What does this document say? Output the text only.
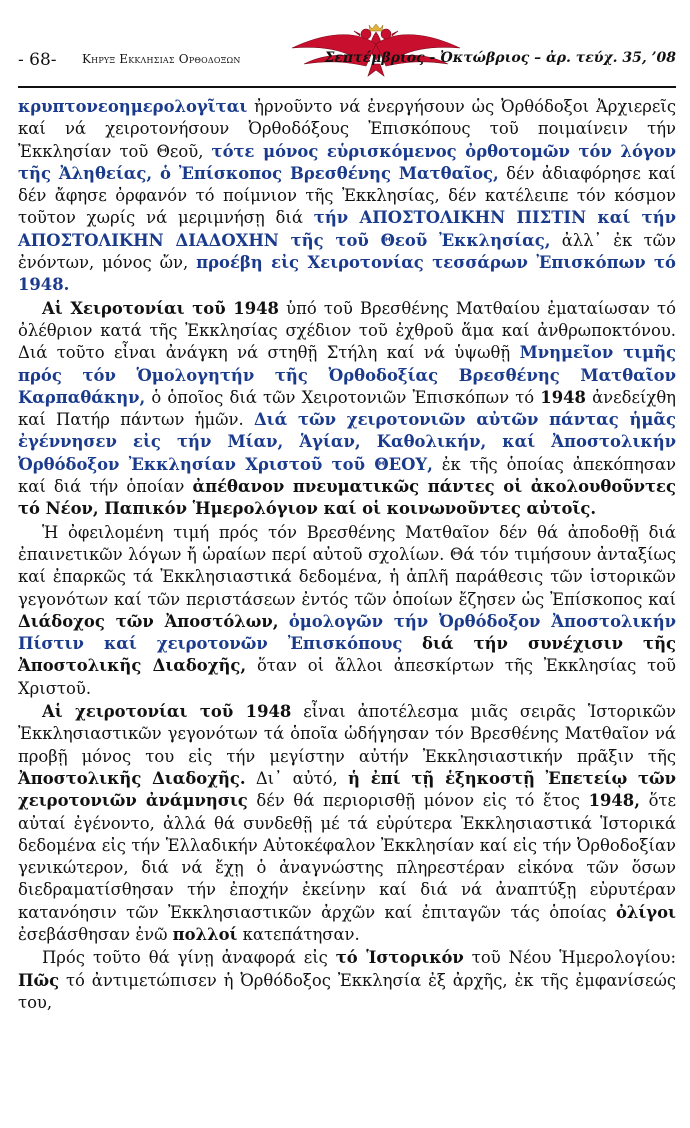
- 68- Κηρυξ Εκκλησιας Ορθοδοξων	Σεπτέμβριος - Ὀκτώβριος – ἀρ. τεύχ. 35, ’08

κρυπτονεοημερολογῖται ἠρνοῦντο νά ἐνεργήσουν ὡς Ὀρθόδοξοι Ἀρχιερεῖς καί νά χειροτονήσουν Ὀρθοδόξους Ἐπισκόπους τοῦ ποιμαίνειν τήν Ἐκκλησίαν τοῦ Θεοῦ, τότε μόνος εὑρισκόμενος ὀρθοτομῶν τόν λόγον τῆς Ἀληθείας, ὁ Ἐπίσκοπος Βρεσθένης Ματθαῖος, δέν ἀδιαφόρησε καί δέν ἄφησε ὀρφανόν τό ποίμνιον τῆς Ἐκκλησίας, δέν κατέλειπε τόν κόσμον τοῦτον χωρίς νά μεριμνήσῃ διά τήν ΑΠΟΣΤΟΛΙΚΗΝ ΠΙΣΤΙΝ καί τήν ΑΠΟΣΤΟΛΙΚΗΝ ΔΙΑΔΟΧΗΝ τῆς τοῦ Θεοῦ Ἐκκλησίας, ἀλλ᾽ ἐκ τῶν ἐνόντων, μόνος ὤν, προέβη εἰς Χειροτονίας τεσσάρων Ἐπισκόπων τό 1948.

Αἱ Χειροτονίαι τοῦ 1948 ὑπό τοῦ Βρεσθένης Ματθαίου ἐματαίωσαν τό ὀλέθριον κατά τῆς Ἐκκλησίας σχέδιον τοῦ ἐχθροῦ ἅμα καί ἀνθρωποκτόνου. Διά τοῦτο εἶναι ἀνάγκη νά στηθῇ Στήλη καί νά ὑψωθῇ Μνημεῖον τιμῆς πρός τόν Ὁμολογητήν τῆς Ὀρθοδοξίας Βρεσθένης Ματθαῖον Καρπαθάκην, ὁ ὁποῖος διά τῶν Χειροτονιῶν Ἐπισκόπων τό 1948 ἀνεδείχθη καί Πατήρ πάντων ἡμῶν. Διά τῶν χειροτονιῶν αὐτῶν πάντας ἡμᾶς ἐγέννησεν εἰς τήν Μίαν, Ἁγίαν, Καθολικήν, καί Ἀποστολικήν Ὀρθόδοξον Ἐκκλησίαν Χριστοῦ τοῦ ΘΕΟΥ, ἐκ τῆς ὁποίας ἀπεκόπησαν καί διά τήν ὁποίαν ἀπέθανον πνευματικῶς πάντες οἱ ἀκολουθοῦντες τό Νέον, Παπικόν Ἡμερολόγιον καί οἱ κοινωνοῦντες αὐτοῖς.

Ἡ ὀφειλομένη τιμή πρός τόν Βρεσθένης Ματθαῖον δέν θά ἀποδοθῇ διά ἐπαινετικῶν λόγων ἤ ὡραίων περί αὐτοῦ σχολίων. Θά τόν τιμήσουν ἀνταξίως καί ἐπαρκῶς τά Ἐκκλησιαστικά δεδομένα, ἡ ἁπλῆ παράθεσις τῶν ἱστορικῶν γεγονότων καί τῶν περιστάσεων ἐντός τῶν ὁποίων ἔζησεν ὡς Ἐπίσκοπος καί Διάδοχος τῶν Ἀποστόλων, ὁμολογῶν τήν Ὀρθόδοξον Ἀποστολικήν Πίστιν καί χειροτονῶν Ἐπισκόπους διά τήν συνέχισιν τῆς Ἀποστολικῆς Διαδοχῆς, ὅταν οἱ ἄλλοι ἀπεσκίρτων τῆς Ἐκκλησίας τοῦ Χριστοῦ.

Αἱ χειροτονίαι τοῦ 1948 εἶναι ἀποτέλεσμα μιᾶς σειρᾶς Ἱστορικῶν Ἐκκλησιαστικῶν γεγονότων τά ὁποῖα ὡδήγησαν τόν Βρεσθένης Ματθαῖον νά προβῇ μόνος του εἰς τήν μεγίστην αὐτήν Ἐκκλησιαστικήν πρᾶξιν τῆς Ἀποστολικῆς Διαδοχῆς. Δι᾽ αὐτό, ἡ ἐπί τῇ ἑξηκοστῇ Ἐπετείῳ τῶν χειροτονιῶν ἀνάμνησις δέν θά περιορισθῇ μόνον εἰς τό ἔτος 1948, ὅτε αὐταί ἐγένοντο, ἀλλά θά συνδεθῇ μέ τά εὐρύτερα Ἐκκλησιαστικά Ἱστορικά δεδομένα εἰς τήν Ἑλλαδικήν Αὐτοκέφαλον Ἐκκλησίαν καί εἰς τήν Ὀρθοδοξίαν γενικώτερον, διά νά ἔχῃ ὁ ἀναγνώστης πληρεστέραν εἰκόνα τῶν ὅσων διεδραματίσθησαν τήν ἐποχήν ἐκείνην καί διά νά ἀναπτύξῃ εὐρυτέραν κατανόησιν τῶν Ἐκκλησιαστικῶν ἀρχῶν καί ἐπιταγῶν τάς ὁποίας ὀλίγοι ἐσεβάσθησαν ἐνῶ πολλοί κατεπάτησαν.

Πρός τοῦτο θά γίνῃ ἀναφορά εἰς τό Ἱστορικόν τοῦ Νέου Ἡμερολογίου: Πῶς τό ἀντιμετώπισεν ἡ Ὀρθόδοξος Ἐκκλησία ἐξ ἀρχῆς, ἐκ τῆς ἐμφανίσεώς του,
